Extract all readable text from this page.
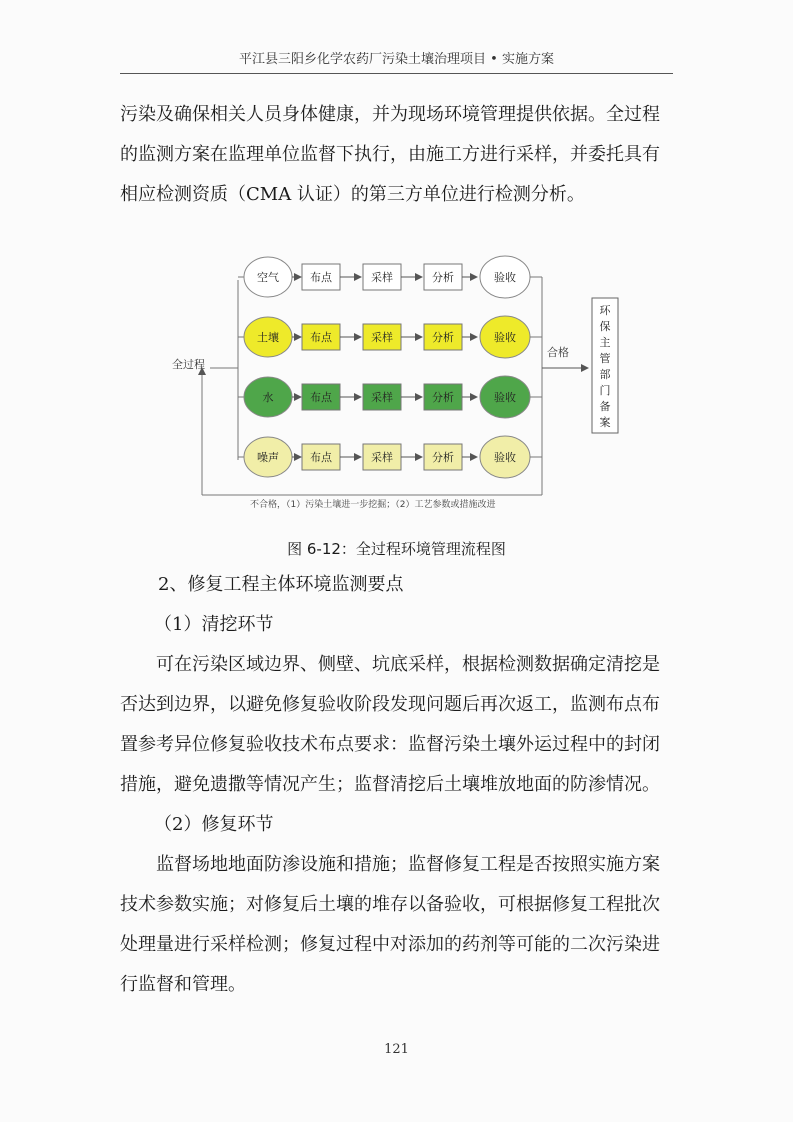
平江县三阳乡化学农药厂污染土壤治理项目 • 实施方案
污染及确保相关人员身体健康，并为现场环境管理提供依据。全过程
的监测方案在监理单位监督下执行，由施工方进行采样，并委托具有
相应检测资质（CMA 认证）的第三方单位进行检测分析。
全过程
空气	布点	采样	分析	验收
土壤	布点	采样	分析	验收
水	布点	采样	分析	验收
噪声	布点	采样	分析	验收
合格
环保主管部门备案
不合格，（1）污染土壤进一步挖掘；（2）工艺参数或措施改进
图 6-12：全过程环境管理流程图
2、修复工程主体环境监测要点
（1）清挖环节
可在污染区域边界、侧壁、坑底采样，根据检测数据确定清挖是
否达到边界，以避免修复验收阶段发现问题后再次返工，监测布点布
置参考异位修复验收技术布点要求：监督污染土壤外运过程中的封闭
措施，避免遗撒等情况产生；监督清挖后土壤堆放地面的防渗情况。
（2）修复环节
监督场地地面防渗设施和措施；监督修复工程是否按照实施方案
技术参数实施；对修复后土壤的堆存以备验收，可根据修复工程批次
处理量进行采样检测；修复过程中对添加的药剂等可能的二次污染进
行监督和管理。
121
